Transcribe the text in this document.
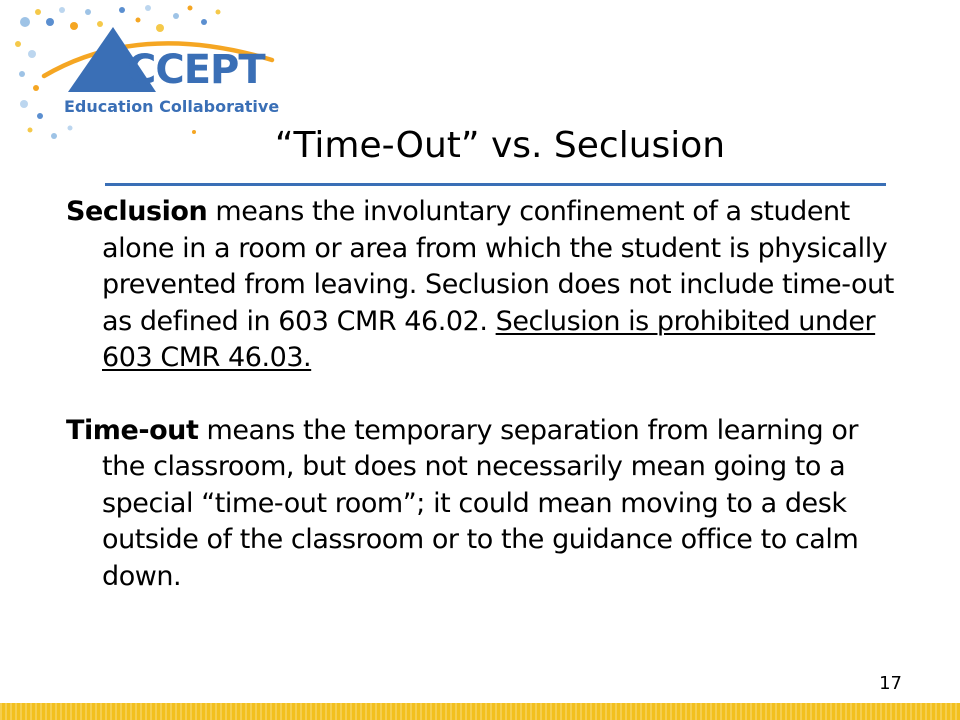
CCEPT
Education Collaborative
“Time-Out” vs. Seclusion

Seclusion means the involuntary confinement of a student alone in a room or area from which the student is physically prevented from leaving. Seclusion does not include time-out as defined in 603 CMR 46.02. Seclusion is prohibited under 603 CMR 46.03.

Time-out means the temporary separation from learning or the classroom, but does not necessarily mean going to a special “time-out room”; it could mean moving to a desk outside of the classroom or to the guidance office to calm down.

17
